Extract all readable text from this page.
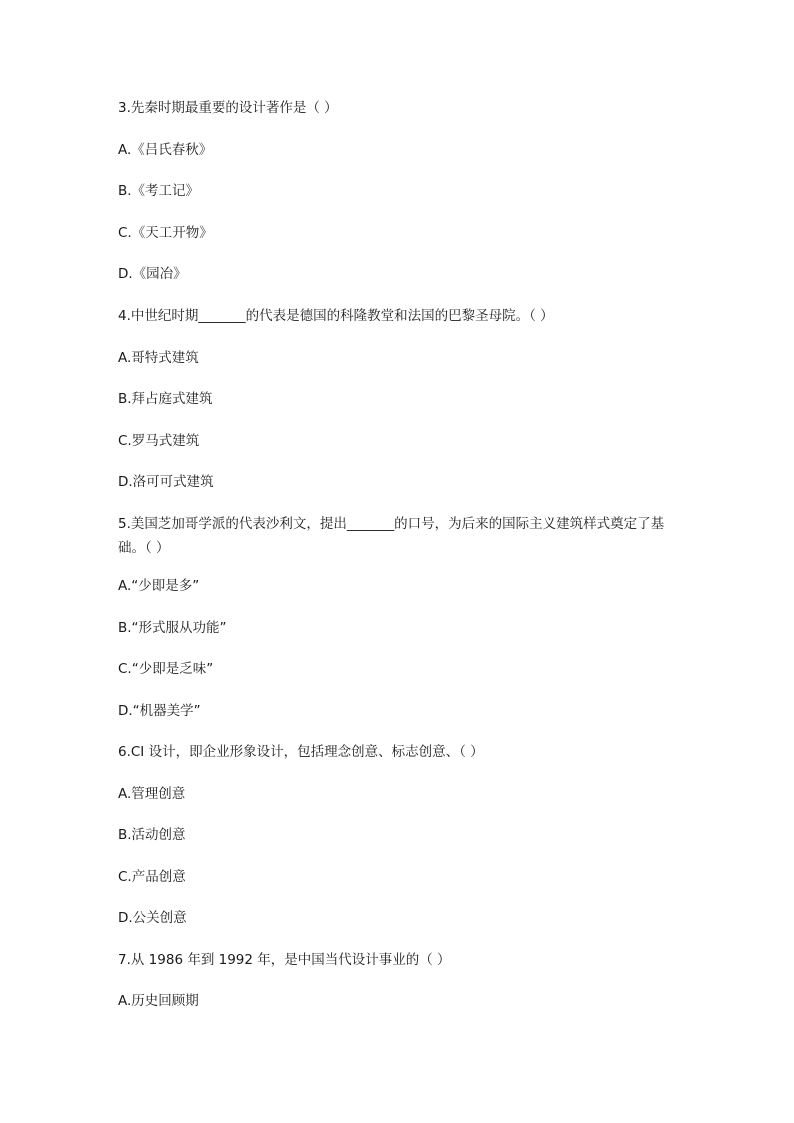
3.先秦时期最重要的设计著作是（ ）
A.《吕氏春秋》
B.《考工记》
C.《天工开物》
D.《园冶》
4.中世纪时期_______的代表是德国的科隆教堂和法国的巴黎圣母院。（ ）
A.哥特式建筑
B.拜占庭式建筑
C.罗马式建筑
D.洛可可式建筑
5.美国芝加哥学派的代表沙利文，提出_______的口号，为后来的国际主义建筑样式奠定了基础。（ ）
A.“少即是多”
B.“形式服从功能”
C.“少即是乏味”
D.“机器美学”
6.CI 设计，即企业形象设计，包括理念创意、标志创意、（ ）
A.管理创意
B.活动创意
C.产品创意
D.公关创意
7.从 1986 年到 1992 年，是中国当代设计事业的（ ）
A.历史回顾期
